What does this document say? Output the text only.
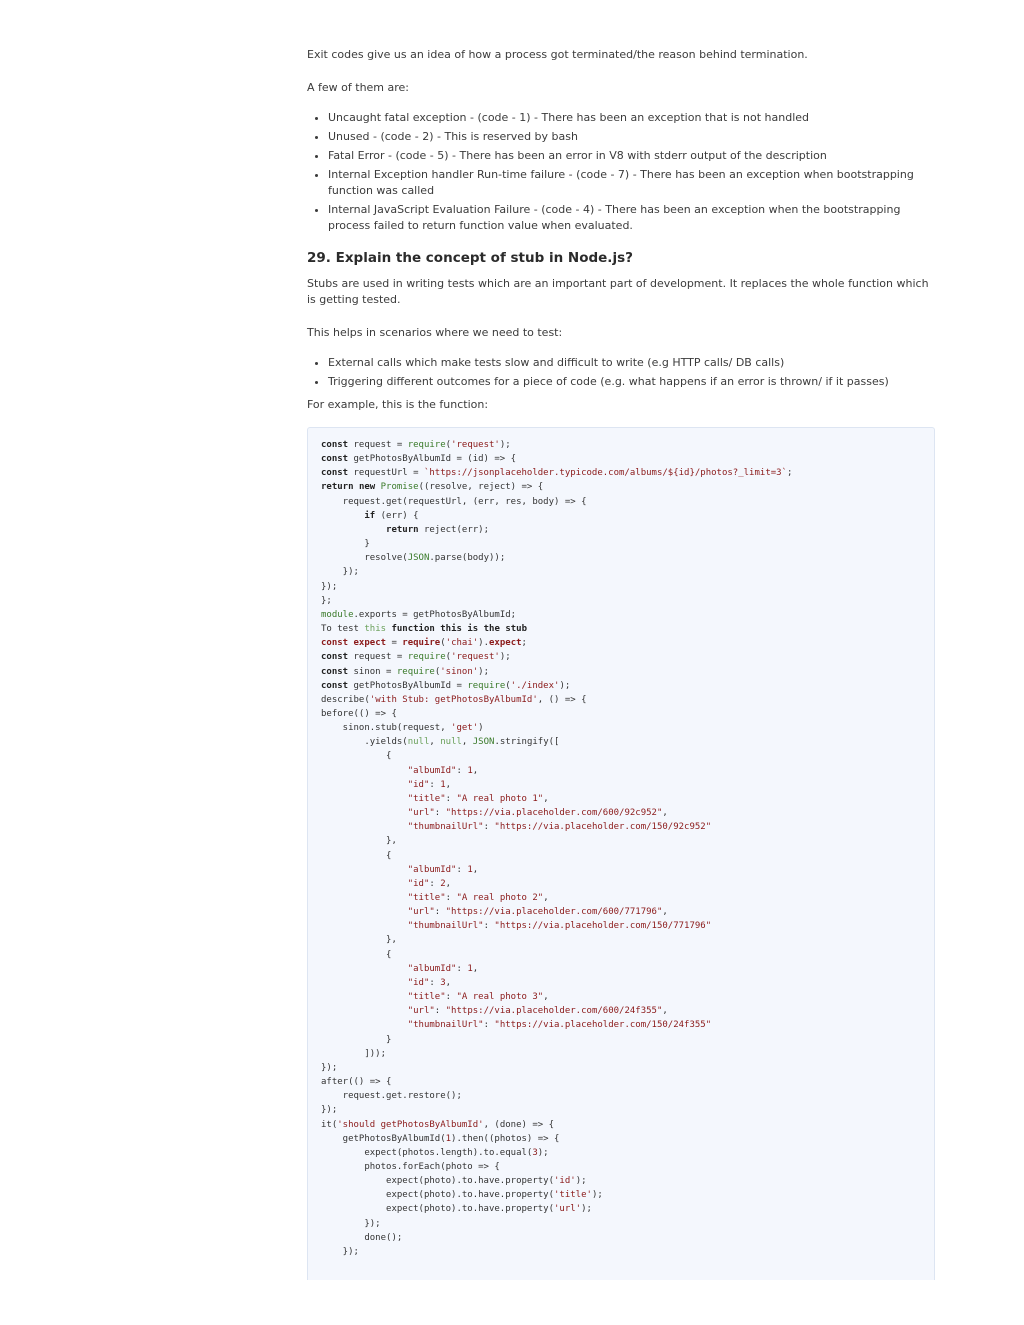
Exit codes give us an idea of how a process got terminated/the reason behind termination.

A few of them are:

• Uncaught fatal exception - (code - 1) - There has been an exception that is not handled
• Unused - (code - 2) - This is reserved by bash
• Fatal Error - (code - 5) - There has been an error in V8 with stderr output of the description
• Internal Exception handler Run-time failure - (code - 7) - There has been an exception when bootstrapping function was called
• Internal JavaScript Evaluation Failure - (code - 4) - There has been an exception when the bootstrapping process failed to return function value when evaluated.
29. Explain the concept of stub in Node.js?

Stubs are used in writing tests which are an important part of development. It replaces the whole function which is getting tested.

This helps in scenarios where we need to test:

• External calls which make tests slow and difficult to write (e.g HTTP calls/ DB calls)
• Triggering different outcomes for a piece of code (e.g. what happens if an error is thrown/ if it passes)

For example, this is the function:

const request = require('request');
const getPhotosByAlbumId = (id) => {
const requestUrl = `https://jsonplaceholder.typicode.com/albums/${id}/photos?_limit=3`;
return new Promise((resolve, reject) => {
request.get(requestUrl, (err, res, body) => {
if (err) {
return reject(err);
}
resolve(JSON.parse(body));
});
});
};
module.exports = getPhotosByAlbumId;
To test this function this is the stub
const expect = require('chai').expect;
const request = require('request');
const sinon = require('sinon');
const getPhotosByAlbumId = require('./index');
describe('with Stub: getPhotosByAlbumId', () => {
before(() => {
sinon.stub(request, 'get')
.yields(null, null, JSON.stringify([
{
"albumId": 1,
"id": 1,
"title": "A real photo 1",
"url": "https://via.placeholder.com/600/92c952",
"thumbnailUrl": "https://via.placeholder.com/150/92c952"
},
{
"albumId": 1,
"id": 2,
"title": "A real photo 2",
"url": "https://via.placeholder.com/600/771796",
"thumbnailUrl": "https://via.placeholder.com/150/771796"
},
{
"albumId": 1,
"id": 3,
"title": "A real photo 3",
"url": "https://via.placeholder.com/600/24f355",
"thumbnailUrl": "https://via.placeholder.com/150/24f355"
}
]));
});
after(() => {
request.get.restore();
});
it('should getPhotosByAlbumId', (done) => {
getPhotosByAlbumId(1).then((photos) => {
expect(photos.length).to.equal(3);
photos.forEach(photo => {
expect(photo).to.have.property('id');
expect(photo).to.have.property('title');
expect(photo).to.have.property('url');
});
done();
});
